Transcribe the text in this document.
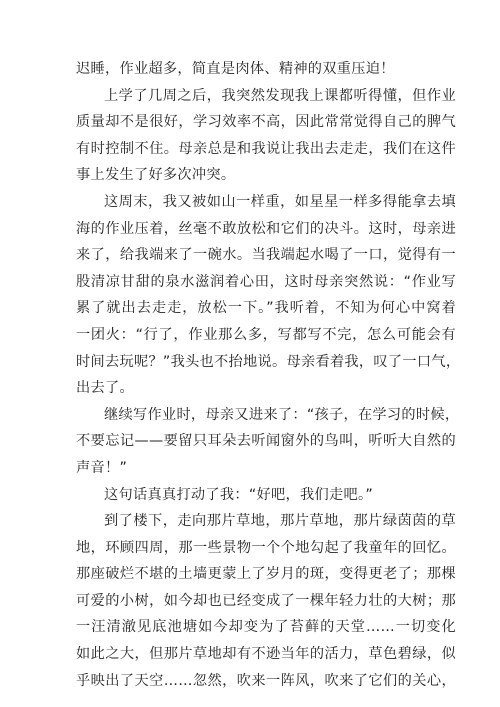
迟睡，作业超多，简直是肉体、精神的双重压迫！
上学了几周之后，我突然发现我上课都听得懂，但作业
质量却不是很好，学习效率不高，因此常常觉得自己的脾气
有时控制不住。母亲总是和我说让我出去走走，我们在这件
事上发生了好多次冲突。
这周末，我又被如山一样重，如星星一样多得能拿去填
海的作业压着，丝毫不敢放松和它们的决斗。这时，母亲进
来了，给我端来了一碗水。当我端起水喝了一口，觉得有一
股清凉甘甜的泉水滋润着心田，这时母亲突然说：“作业写
累了就出去走走，放松一下。”我听着，不知为何心中窝着
一团火：“行了，作业那么多，写都写不完，怎么可能会有
时间去玩呢？”我头也不抬地说。母亲看着我，叹了一口气，
出去了。
继续写作业时，母亲又进来了：“孩子，在学习的时候，
不要忘记——要留只耳朵去听闻窗外的鸟叫，听听大自然的
声音！”
这句话真真打动了我：“好吧，我们走吧。”
到了楼下，走向那片草地，那片草地，那片绿茵茵的草
地，环顾四周，那一些景物一个个地勾起了我童年的回忆。
那座破烂不堪的土墙更蒙上了岁月的斑，变得更老了；那棵
可爱的小树，如今却也已经变成了一棵年轻力壮的大树；那
一汪清澈见底池塘如今却变为了苔藓的天堂……一切变化
如此之大，但那片草地却有不逊当年的活力，草色碧绿，似
乎映出了天空……忽然，吹来一阵风，吹来了它们的关心，
